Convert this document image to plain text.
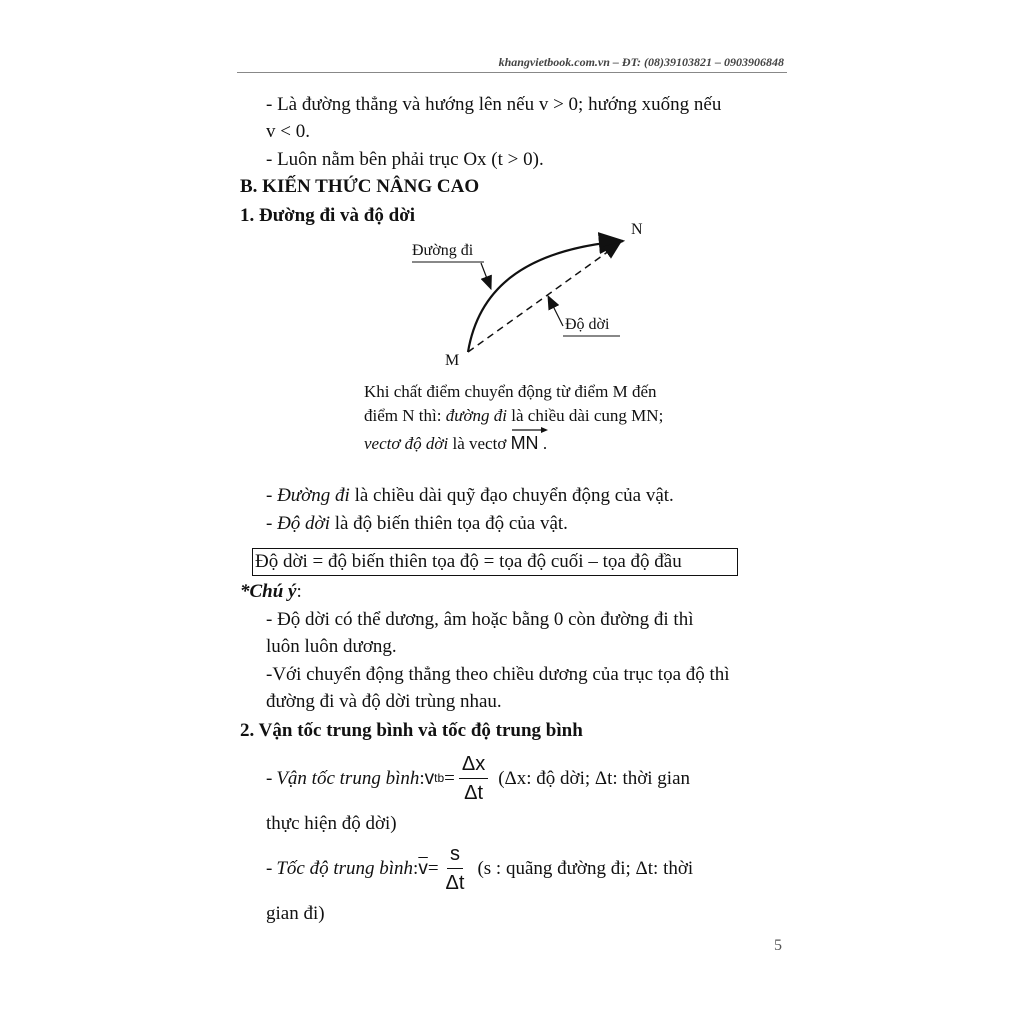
khangvietbook.com.vn – ĐT: (08)39103821 – 0903906848
- Là đường thẳng và hướng lên nếu v > 0; hướng xuống nếu
v < 0.
- Luôn nằm bên phải trục Ox (t > 0).
B. KIẾN THỨC NÂNG CAO
1. Đường đi và độ dời
Đường đi
Độ dời
M
N
Khi chất điểm chuyển động từ điểm M đến
điểm N thì: đường đi là chiều dài cung MN;
vectơ độ dời là vectơ
MN .
- Đường đi là chiều dài quỹ đạo chuyển động của vật.
- Độ dời là độ biến thiên tọa độ của vật.
Độ dời = độ biến thiên tọa độ = tọa độ cuối – tọa độ đầu
*Chú ý:
- Độ dời có thể dương, âm hoặc bằng 0 còn đường đi thì
luôn luôn dương.
-Với chuyển động thẳng theo chiều dương của trục tọa độ thì
đường đi và độ dời trùng nhau.
2. Vận tốc trung bình và tốc độ trung bình
- Vận tốc trung bình : v tb = $\frac{\Delta x}{\Delta t} (\Delta x$: độ dời; Δt: thời gian
thực hiện độ dời)
- Tốc độ trung bình : $\overline{v} = \frac{s}{\Delta t} (s$ : quãng đường đi; Δt: thời
gian đi)
5
